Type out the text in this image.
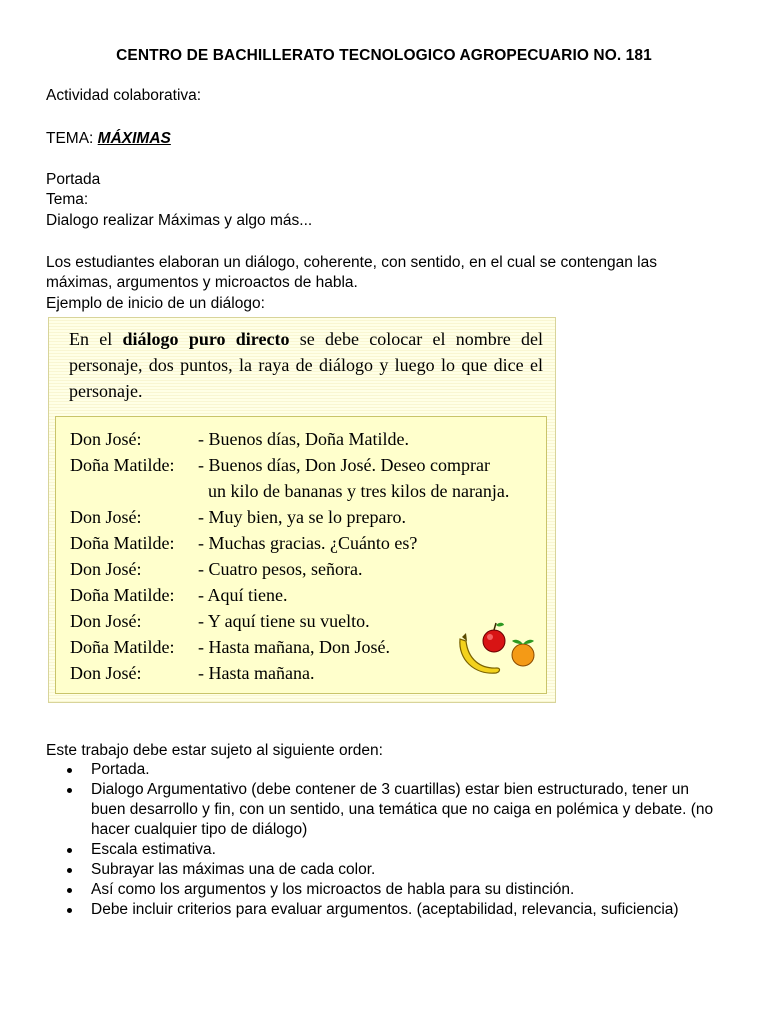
CENTRO DE BACHILLERATO TECNOLOGICO AGROPECUARIO NO. 181
Actividad colaborativa:
TEMA: MÁXIMAS
Portada
Tema:
Dialogo realizar Máximas y algo más...
Los estudiantes elaboran un diálogo, coherente, con sentido, en el cual se contengan las máximas, argumentos y microactos de habla.
Ejemplo de inicio de un diálogo:
En el diálogo puro directo se debe colocar el nombre del personaje, dos puntos, la raya de diálogo y luego lo que dice el personaje.
Don José:	- Buenos días, Doña Matilde.
Doña Matilde: - Buenos días, Don José. Deseo comprar
un kilo de bananas y tres kilos de naranja.
Don José:	- Muy bien, ya se lo preparo.
Doña Matilde: - Muchas gracias. ¿Cuánto es?
Don José:	- Cuatro pesos, señora.
Doña Matilde: - Aquí tiene.
Don José:	- Y aquí tiene su vuelto.
Doña Matilde: - Hasta mañana, Don José.
Don José:	- Hasta mañana.
Este trabajo debe estar sujeto al siguiente orden:
Portada.
Dialogo Argumentativo (debe contener de 3 cuartillas) estar bien estructurado, tener un buen desarrollo y fin, con un sentido, una temática que no caiga en polémica y debate. (no hacer cualquier tipo de diálogo)
Escala estimativa.
Subrayar las máximas una de cada color.
Así como los argumentos y los microactos de habla para su distinción.
Debe incluir criterios para evaluar argumentos. (aceptabilidad, relevancia, suficiencia)
